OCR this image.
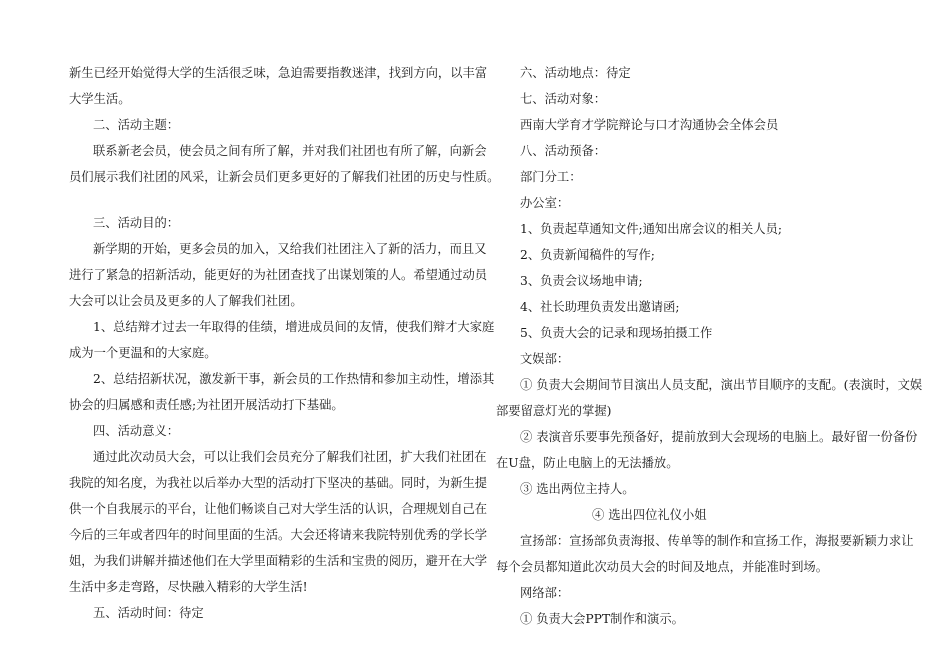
新生已经开始觉得大学的生活很乏味，急迫需要指教迷津，找到方向，以丰富
大学生活。
二、活动主题：
联系新老会员，使会员之间有所了解，并对我们社团也有所了解，向新会
员们展示我们社团的风采，让新会员们更多更好的了解我们社团的历史与性质。
三、活动目的：
新学期的开始，更多会员的加入，又给我们社团注入了新的活力，而且又
进行了紧急的招新活动，能更好的为社团查找了出谋划策的人。希望通过动员
大会可以让会员及更多的人了解我们社团。
1、总结辩才过去一年取得的佳绩，增进成员间的友情，使我们辩才大家庭
成为一个更温和的大家庭。
2、总结招新状况，激发新干事，新会员的工作热情和参加主动性，增添其
协会的归属感和责任感;为社团开展活动打下基础。
四、活动意义：
通过此次动员大会，可以让我们会员充分了解我们社团，扩大我们社团在
我院的知名度，为我社以后举办大型的活动打下坚决的基础。同时，为新生提
供一个自我展示的平台，让他们畅谈自己对大学生活的认识，合理规划自己在
今后的三年或者四年的时间里面的生活。大会还将请来我院特别优秀的学长学
姐，为我们讲解并描述他们在大学里面精彩的生活和宝贵的阅历，避开在大学
生活中多走弯路，尽快融入精彩的大学生活!
五、活动时间：待定
六、活动地点：待定
七、活动对象：
西南大学育才学院辩论与口才沟通协会全体会员
八、活动预备：
部门分工：
办公室：
1、负责起草通知文件;通知出席会议的相关人员;
2、负责新闻稿件的写作;
3、负责会议场地申请;
4、社长助理负责发出邀请函;
5、负责大会的记录和现场拍摄工作
文娱部：
① 负责大会期间节目演出人员支配，演出节目顺序的支配。(表演时，文娱
部要留意灯光的掌握)
② 表演音乐要事先预备好，提前放到大会现场的电脑上。最好留一份备份
在U盘，防止电脑上的无法播放。
③ 选出两位主持人。
④ 选出四位礼仪小姐
宣扬部：宣扬部负责海报、传单等的制作和宣扬工作，海报要新颖力求让
每个会员都知道此次动员大会的时间及地点，并能准时到场。
网络部：
① 负责大会PPT制作和演示。
